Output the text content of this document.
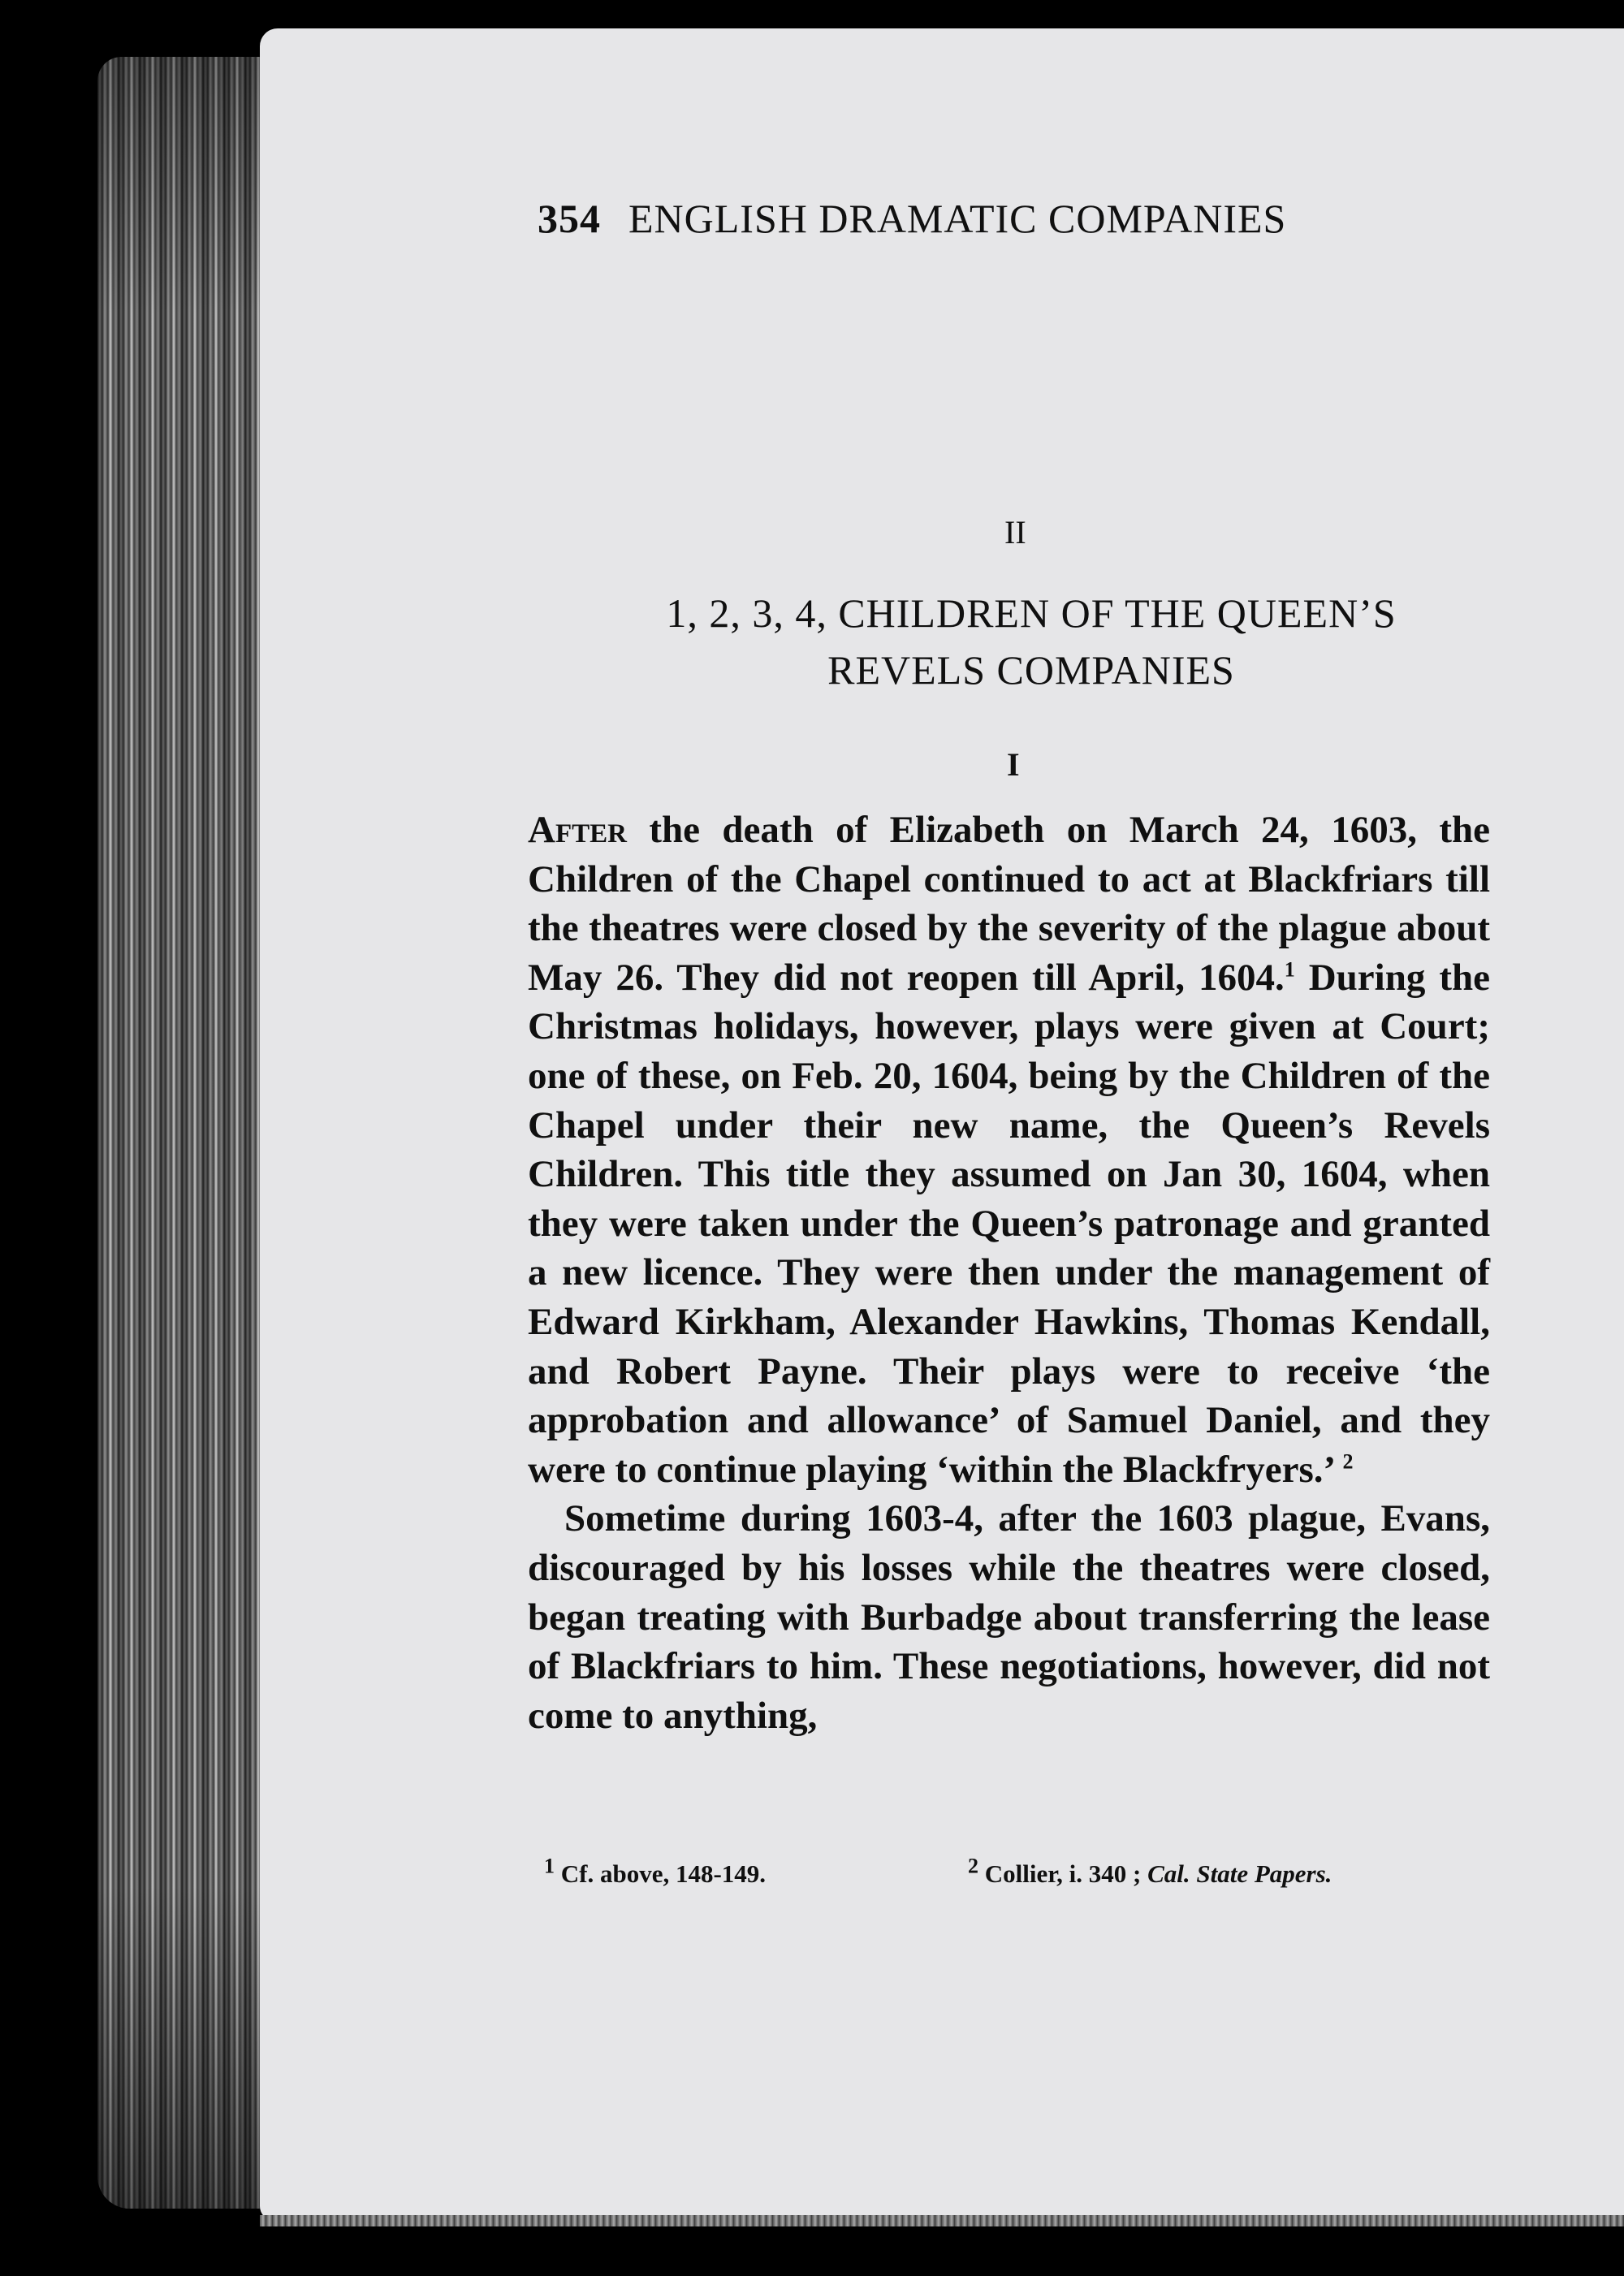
354 ENGLISH DRAMATIC COMPANIES
II
1, 2, 3, 4, CHILDREN OF THE QUEEN’S
REVELS COMPANIES
I

After the death of Elizabeth on March 24, 1603, the Children of the Chapel continued to act at Blackfriars till the theatres were closed by the severity of the plague about May 26. They did not reopen till April, 1604.$^1$ During the Christmas holidays, however, plays were given at Court; one of these, on Feb. 20, 1604, being by the Children of the Chapel under their new name, the Queen’s Revels Children. This title they assumed on Jan 30, 1604, when they were taken under the Queen’s patronage and granted a new licence. They were then under the management of Edward Kirkham, Alexander Hawkins, Thomas Kendall, and Robert Payne. Their plays were to receive ‘the approbation and allowance’ of Samuel Daniel, and they were to continue playing ‘within the Blackfryers.’ $^2$

Sometime during 1603-4, after the 1603 plague, Evans, discouraged by his losses while the theatres were closed, began treating with Burbadge about transferring the lease of Blackfriars to him. These negotiations, however, did not come to anything,

$^1$ Cf. above, 148-149.	$^2$ Collier, i. 340 ; Cal. State Papers.
